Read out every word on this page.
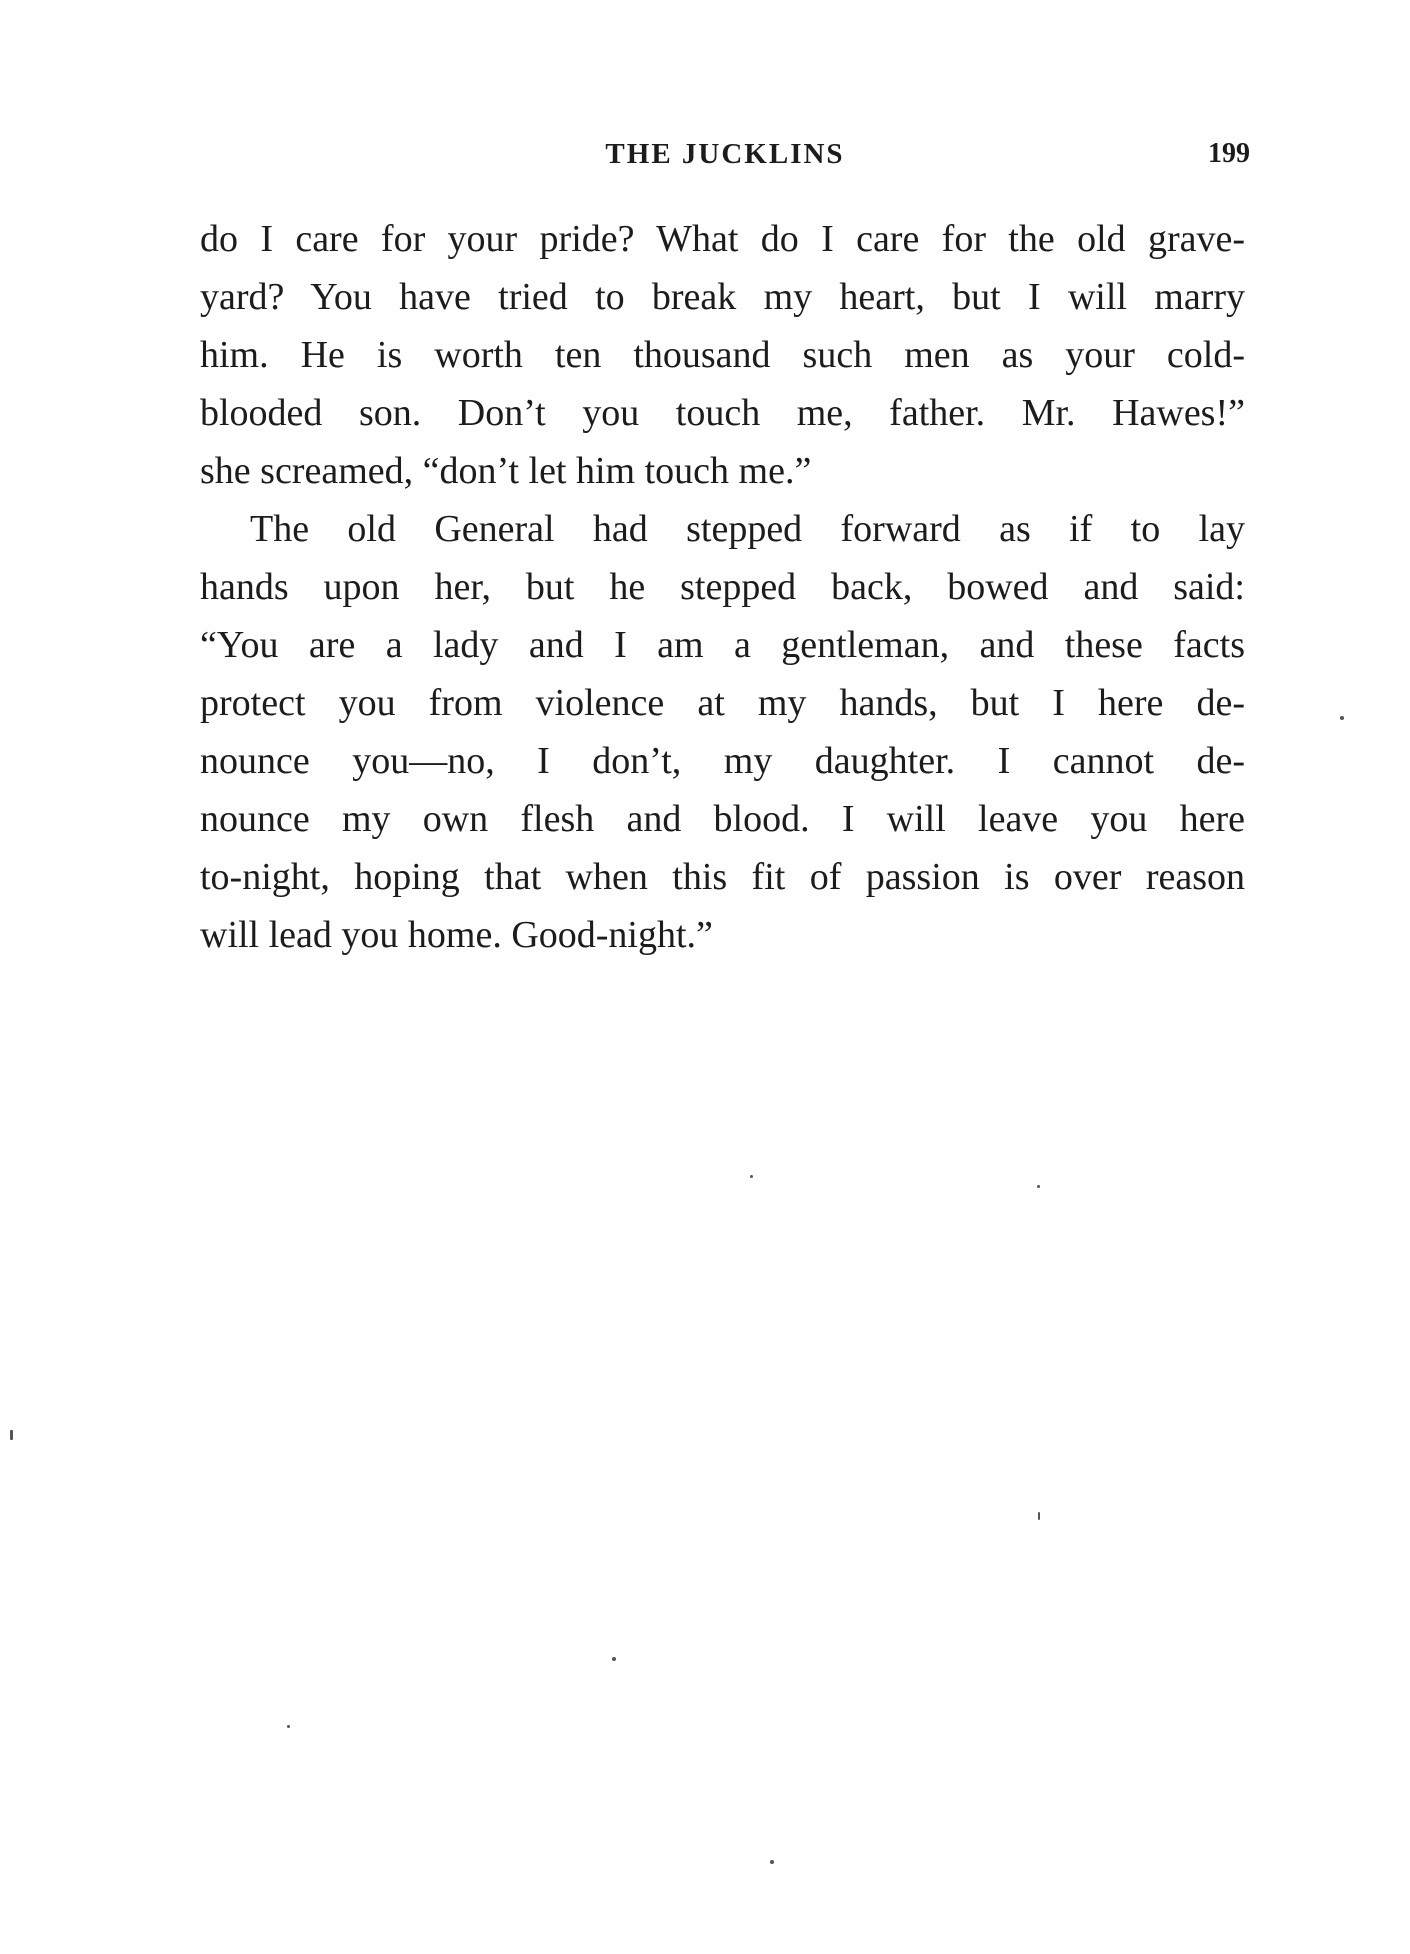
THE JUCKLINS	199
do I care for your pride? What do I care for the old grave-
yard? You have tried to break my heart, but I will marry
him. He is worth ten thousand such men as your cold-
blooded son. Don’t you touch me, father. Mr. Hawes!”
she screamed, “don’t let him touch me.”
The old General had stepped forward as if to lay
hands upon her, but he stepped back, bowed and said:
“You are a lady and I am a gentleman, and these facts
protect you from violence at my hands, but I here de-
nounce you—no, I don’t, my daughter. I cannot de-
nounce my own flesh and blood. I will leave you here
to-night, hoping that when this fit of passion is over reason
will lead you home. Good-night.”
